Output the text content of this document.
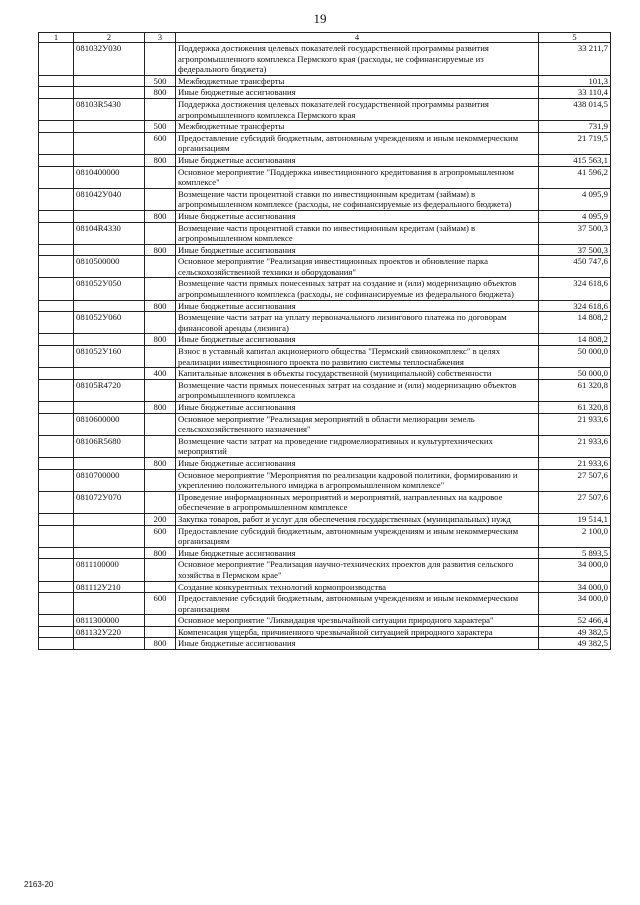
19
1	2	3	4	5
	081032У030		Поддержка достижения целевых показателей государственной программы развития агропромышленного комплекса Пермского края (расходы, не софинансируемые из федерального бюджета)	33 211,7
		500	Межбюджетные трансферты	101,3
		800	Иные бюджетные ассигнования	33 110,4
	08103R5430		Поддержка достижения целевых показателей государственной программы развития агропромышленного комплекса Пермского края	438 014,5
		500	Межбюджетные трансферты	731,9
		600	Предоставление субсидий бюджетным, автономным учреждениям и иным некоммерческим организациям	21 719,5
		800	Иные бюджетные ассигнования	415 563,1
	0810400000		Основное мероприятие "Поддержка инвестиционного кредитования в агропромышленном комплексе"	41 596,2
	081042У040		Возмещение части процентной ставки по инвестиционным кредитам (займам) в агропромышленном комплексе (расходы, не софинансируемые из федерального бюджета)	4 095,9
		800	Иные бюджетные ассигнования	4 095,9
	08104R4330		Возмещение части процентной ставки по инвестиционным кредитам (займам) в агропромышленном комплексе	37 500,3
		800	Иные бюджетные ассигнования	37 500,3
	0810500000		Основное мероприятие "Реализация инвестиционных проектов и обновление парка сельскохозяйственной техники и оборудования"	450 747,6
	081052У050		Возмещение части прямых понесенных затрат на создание и (или) модернизацию объектов агропромышленного комплекса (расходы, не софинансируемые из федерального бюджета)	324 618,6
		800	Иные бюджетные ассигнования	324 618,6
	081052У060		Возмещение части затрат на уплату первоначального лизингового платежа по договорам финансовой аренды (лизинга)	14 808,2
		800	Иные бюджетные ассигнования	14 808,2
	081052У160		Взнос в уставный капитал акционерного общества "Пермский свинокомплекс" в целях реализации инвестиционного проекта по развитию системы теплоснабжения	50 000,0
		400	Капитальные вложения в объекты государственной (муниципальной) собственности	50 000,0
	08105R4720		Возмещение части прямых понесенных затрат на создание и (или) модернизацию объектов агропромышленного комплекса	61 320,8
		800	Иные бюджетные ассигнования	61 320,8
	0810600000		Основное мероприятие "Реализация мероприятий в области мелиорации земель сельскохозяйственного назначения"	21 933,6
	08106R5680		Возмещение части затрат на проведение гидромелиоративных и культуртехнических мероприятий	21 933,6
		800	Иные бюджетные ассигнования	21 933,6
	0810700000		Основное мероприятие "Мероприятия по реализации кадровой политики, формированию и укреплению положительного имиджа в агропромышленном комплексе"	27 507,6
	081072У070		Проведение информационных мероприятий и мероприятий, направленных на кадровое обеспечение в агропромышленном комплексе	27 507,6
		200	Закупка товаров, работ и услуг для обеспечения государственных (муниципальных) нужд	19 514,1
		600	Предоставление субсидий бюджетным, автономным учреждениям и иным некоммерческим организациям	2 100,0
		800	Иные бюджетные ассигнования	5 893,5
	0811100000		Основное мероприятие "Реализация научно-технических проектов для развития сельского хозяйства в Пермском крае"	34 000,0
	081112У210		Создание конкурентных технологий кормопроизводства	34 000,0
		600	Предоставление субсидий бюджетным, автономным учреждениям и иным некоммерческим организациям	34 000,0
	0811300000		Основное мероприятие "Ликвидация чрезвычайной ситуации природного характера"	52 466,4
	081132У220		Компенсация ущерба, причиненного чрезвычайной ситуацией природного характера	49 382,5
		800	Иные бюджетные ассигнования	49 382,5
2163-20
